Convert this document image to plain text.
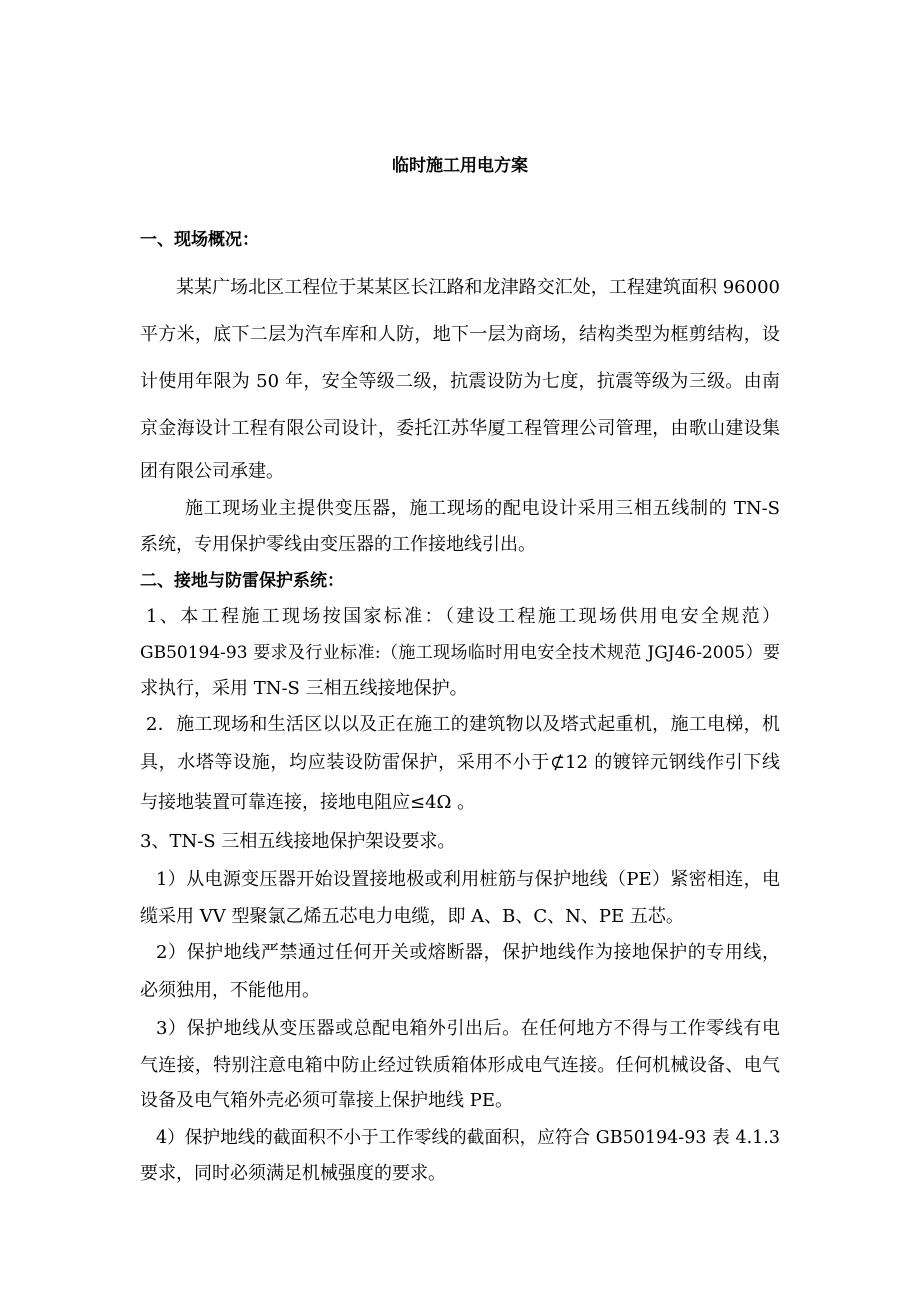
临时施工用电方案
一、现场概况：
某某广场北区工程位于某某区长江路和龙津路交汇处，工程建筑面积 96000
平方米，底下二层为汽车库和人防，地下一层为商场，结构类型为框剪结构，设
计使用年限为 50 年，安全等级二级，抗震设防为七度，抗震等级为三级。由南
京金海设计工程有限公司设计，委托江苏华厦工程管理公司管理，由歌山建设集
团有限公司承建。
施工现场业主提供变压器，施工现场的配电设计采用三相五线制的 TN-S
系统，专用保护零线由变压器的工作接地线引出。
二、接地与防雷保护系统：
1、本工程施工现场按国家标准：（建设工程施工现场供用电安全规范）
GB50194-93 要求及行业标准:（施工现场临时用电安全技术规范 JGJ46-2005）要
求执行，采用 TN-S 三相五线接地保护。
2．施工现场和生活区以以及正在施工的建筑物以及塔式起重机，施工电梯，机
具，水塔等设施，均应装设防雷保护，采用不小于⊄12 的镀锌元钢线作引下线
与接地装置可靠连接，接地电阻应≤4Ω 。
3、TN-S 三相五线接地保护架设要求。
1）从电源变压器开始设置接地极或利用桩筋与保护地线（PE）紧密相连，电
缆采用 VV 型聚氯乙烯五芯电力电缆，即 A、B、C、N、PE 五芯。
2）保护地线严禁通过任何开关或熔断器，保护地线作为接地保护的专用线，
必须独用，不能他用。
3）保护地线从变压器或总配电箱外引出后。在任何地方不得与工作零线有电
气连接，特别注意电箱中防止经过铁质箱体形成电气连接。任何机械设备、电气
设备及电气箱外壳必须可靠接上保护地线 PE。
4）保护地线的截面积不小于工作零线的截面积，应符合 GB50194-93 表 4.1.3
要求，同时必须满足机械强度的要求。
